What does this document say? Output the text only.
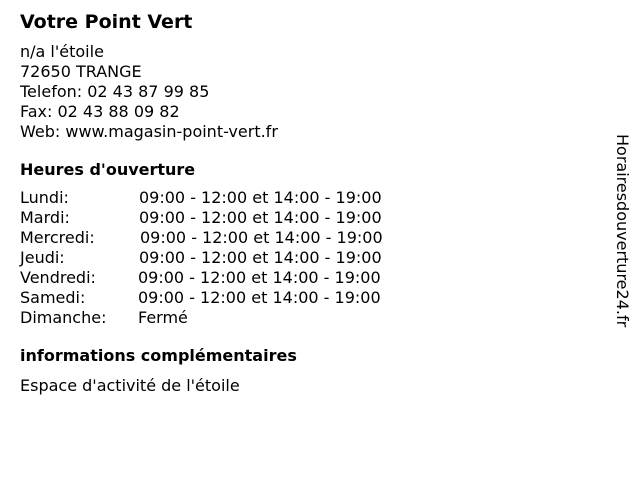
Votre Point Vert
n/a l'étoile
72650 TRANGE
Telefon: 02 43 87 99 85
Fax: 02 43 88 09 82
Web: www.magasin-point-vert.fr
Heures d'ouverture
Lundi:	09:00 - 12:00 et 14:00 - 19:00
Mardi:	09:00 - 12:00 et 14:00 - 19:00
Mercredi:	09:00 - 12:00 et 14:00 - 19:00
Jeudi:	09:00 - 12:00 et 14:00 - 19:00
Vendredi:	09:00 - 12:00 et 14:00 - 19:00
Samedi:	09:00 - 12:00 et 14:00 - 19:00
Dimanche: Fermé
informations complémentaires
Espace d'activité de l'étoile
Horairesdouverture24.fr
